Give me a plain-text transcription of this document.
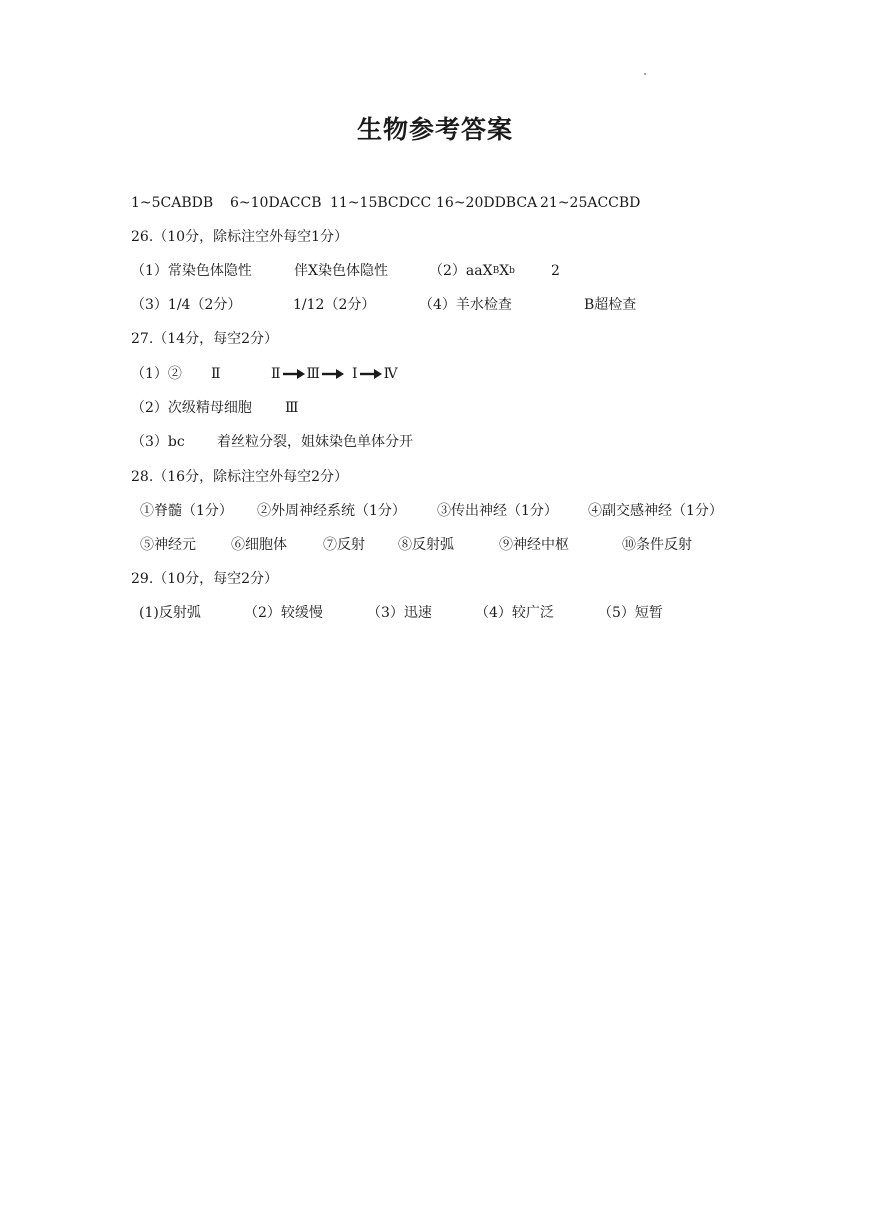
生物参考答案
1~5CABDB 6~10DACCB 11~15BCDCC 16~20DDBCA 21~25ACCBD
26.（10分，除标注空外每空1分）
（1）常染色体隐性	伴X染色体隐性	$(2)aaX^BX^b$	2
（3）1/4（2分）	1/12（2分）	（4）羊水检查	B超检查
27.（14分，每空2分）
（1）② Ⅱ	Ⅱ Ⅲ Ⅰ Ⅳ
（2）次级精母细胞 Ⅲ
（3）bc 着丝粒分裂，姐妹染色单体分开
28.（16分，除标注空外每空2分）
①脊髓（1分） ②外周神经系统（1分） ③传出神经（1分） ④副交感神经（1分）
⑤神经元	⑥细胞体	⑦反射 ⑧反射弧	⑨神经中枢	⑩条件反射
29.（10分，每空2分）
(1)反射弧	（2）较缓慢	（3）迅速	（4）较广泛	（5）短暂
